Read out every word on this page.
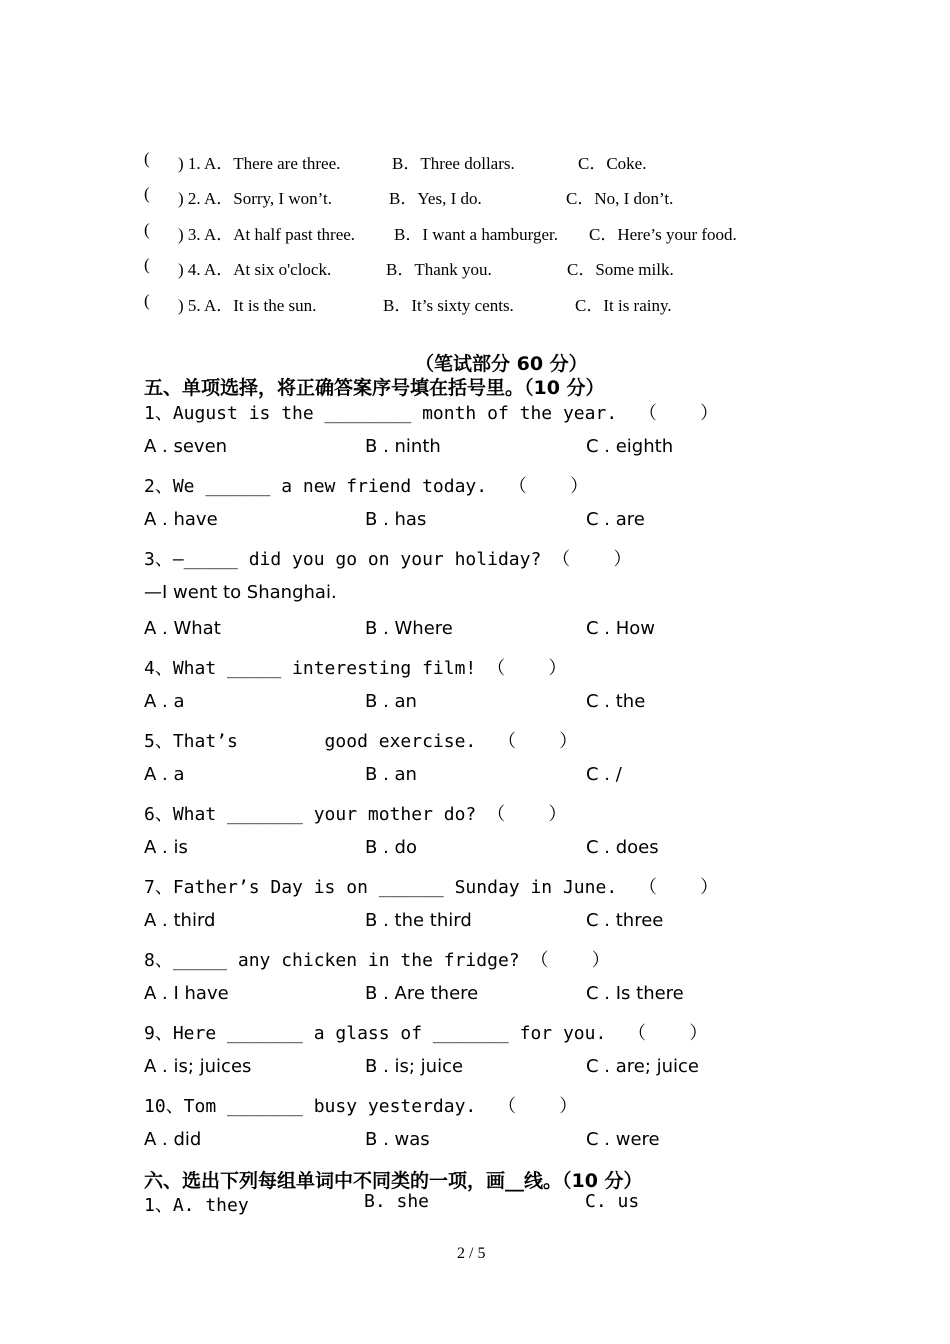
( ) 1. A．There are three.	B．Three dollars.	C．Coke.
( ) 2. A．Sorry, I won’t.	B．Yes, I do.	C．No, I don’t.
( ) 3. A．At half past three. B．I want a hamburger. C．Here’s your food.
( ) 4. A．At six o'clock.	B．Thank you.	C．Some milk.
( ) 5. A．It is the sun.	B．It’s sixty cents.	C．It is rainy.
（笔试部分 60 分）
五、单项选择，将正确答案序号填在括号里。（10 分）
1、August is the ________ month of the year.  （    ）
A . seven	B . ninth	C . eighth
2、We ______ a new friend today.  （    ）
A . have	B . has	C . are
3、—_____ did you go on your holiday? （    ）
—I went to Shanghai.
A . What	B . Where	C . How
4、What _____ interesting film! （    ）
A . a	B . an	C . the
5、That’s        good exercise.  （    ）
A . a	B . an	C . /
6、What _______ your mother do? （    ）
A . is	B . do	C . does
7、Father’s Day is on ______ Sunday in June.  （    ）
A . third	B . the third	C . three
8、_____ any chicken in the fridge? （    ）
A . I have	B . Are there	C . Is there
9、Here _______ a glass of _______ for you.  （    ）
A . is; juices	B . is; juice	C . are; juice
10、Tom _______ busy yesterday.  （    ）
A . did	B . was	C . were
六、选出下列每组单词中不同类的一项，画__线。（10 分）
1、A. they	B. she	C. us
2 / 5
